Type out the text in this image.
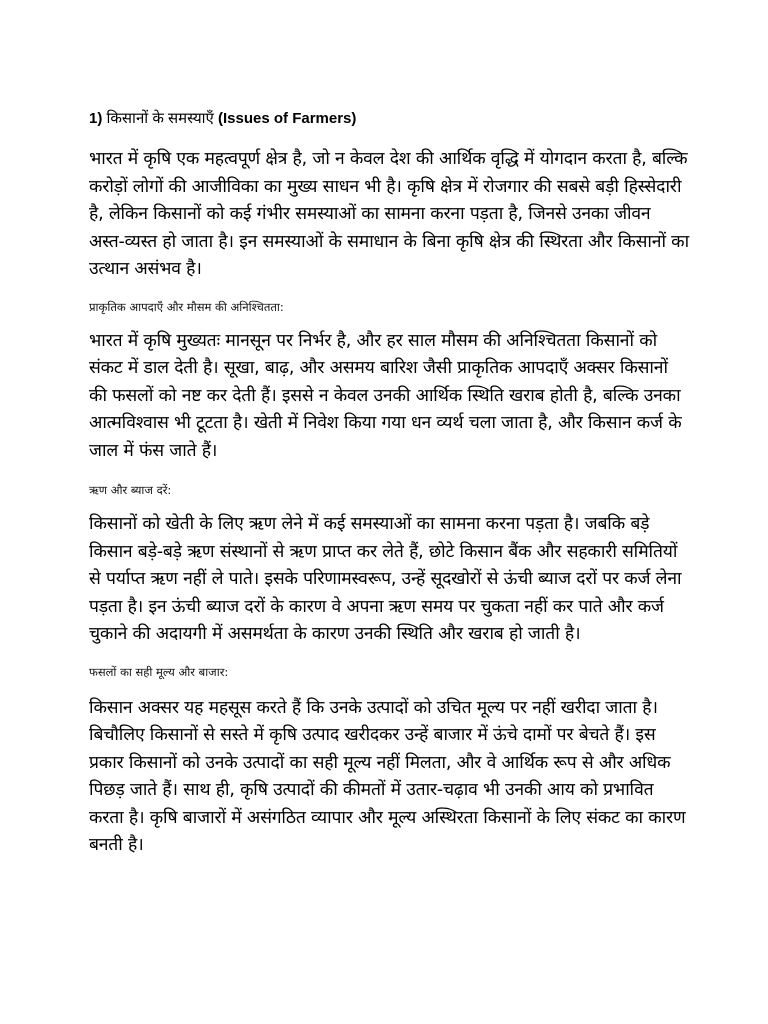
1) किसानों के समस्याएँ (Issues of Farmers)

भारत में कृषि एक महत्वपूर्ण क्षेत्र है, जो न केवल देश की आर्थिक वृद्धि में योगदान करता है, बल्कि करोड़ों लोगों की आजीविका का मुख्य साधन भी है। कृषि क्षेत्र में रोजगार की सबसे बड़ी हिस्सेदारी है, लेकिन किसानों को कई गंभीर समस्याओं का सामना करना पड़ता है, जिनसे उनका जीवन अस्त-व्यस्त हो जाता है। इन समस्याओं के समाधान के बिना कृषि क्षेत्र की स्थिरता और किसानों का उत्थान असंभव है।

प्राकृतिक आपदाएँ और मौसम की अनिश्चितता:

भारत में कृषि मुख्यतः मानसून पर निर्भर है, और हर साल मौसम की अनिश्चितता किसानों को संकट में डाल देती है। सूखा, बाढ़, और असमय बारिश जैसी प्राकृतिक आपदाएँ अक्सर किसानों की फसलों को नष्ट कर देती हैं। इससे न केवल उनकी आर्थिक स्थिति खराब होती है, बल्कि उनका आत्मविश्वास भी टूटता है। खेती में निवेश किया गया धन व्यर्थ चला जाता है, और किसान कर्ज के जाल में फंस जाते हैं।

ऋण और ब्याज दरें:

किसानों को खेती के लिए ऋण लेने में कई समस्याओं का सामना करना पड़ता है। जबकि बड़े किसान बड़े-बड़े ऋण संस्थानों से ऋण प्राप्त कर लेते हैं, छोटे किसान बैंक और सहकारी समितियों से पर्याप्त ऋण नहीं ले पाते। इसके परिणामस्वरूप, उन्हें सूदखोरों से ऊंची ब्याज दरों पर कर्ज लेना पड़ता है। इन ऊंची ब्याज दरों के कारण वे अपना ऋण समय पर चुकता नहीं कर पाते और कर्ज चुकाने की अदायगी में असमर्थता के कारण उनकी स्थिति और खराब हो जाती है।

फसलों का सही मूल्य और बाजार:

किसान अक्सर यह महसूस करते हैं कि उनके उत्पादों को उचित मूल्य पर नहीं खरीदा जाता है। बिचौलिए किसानों से सस्ते में कृषि उत्पाद खरीदकर उन्हें बाजार में ऊंचे दामों पर बेचते हैं। इस प्रकार किसानों को उनके उत्पादों का सही मूल्य नहीं मिलता, और वे आर्थिक रूप से और अधिक पिछड़ जाते हैं। साथ ही, कृषि उत्पादों की कीमतों में उतार-चढ़ाव भी उनकी आय को प्रभावित करता है। कृषि बाजारों में असंगठित व्यापार और मूल्य अस्थिरता किसानों के लिए संकट का कारण बनती है।
